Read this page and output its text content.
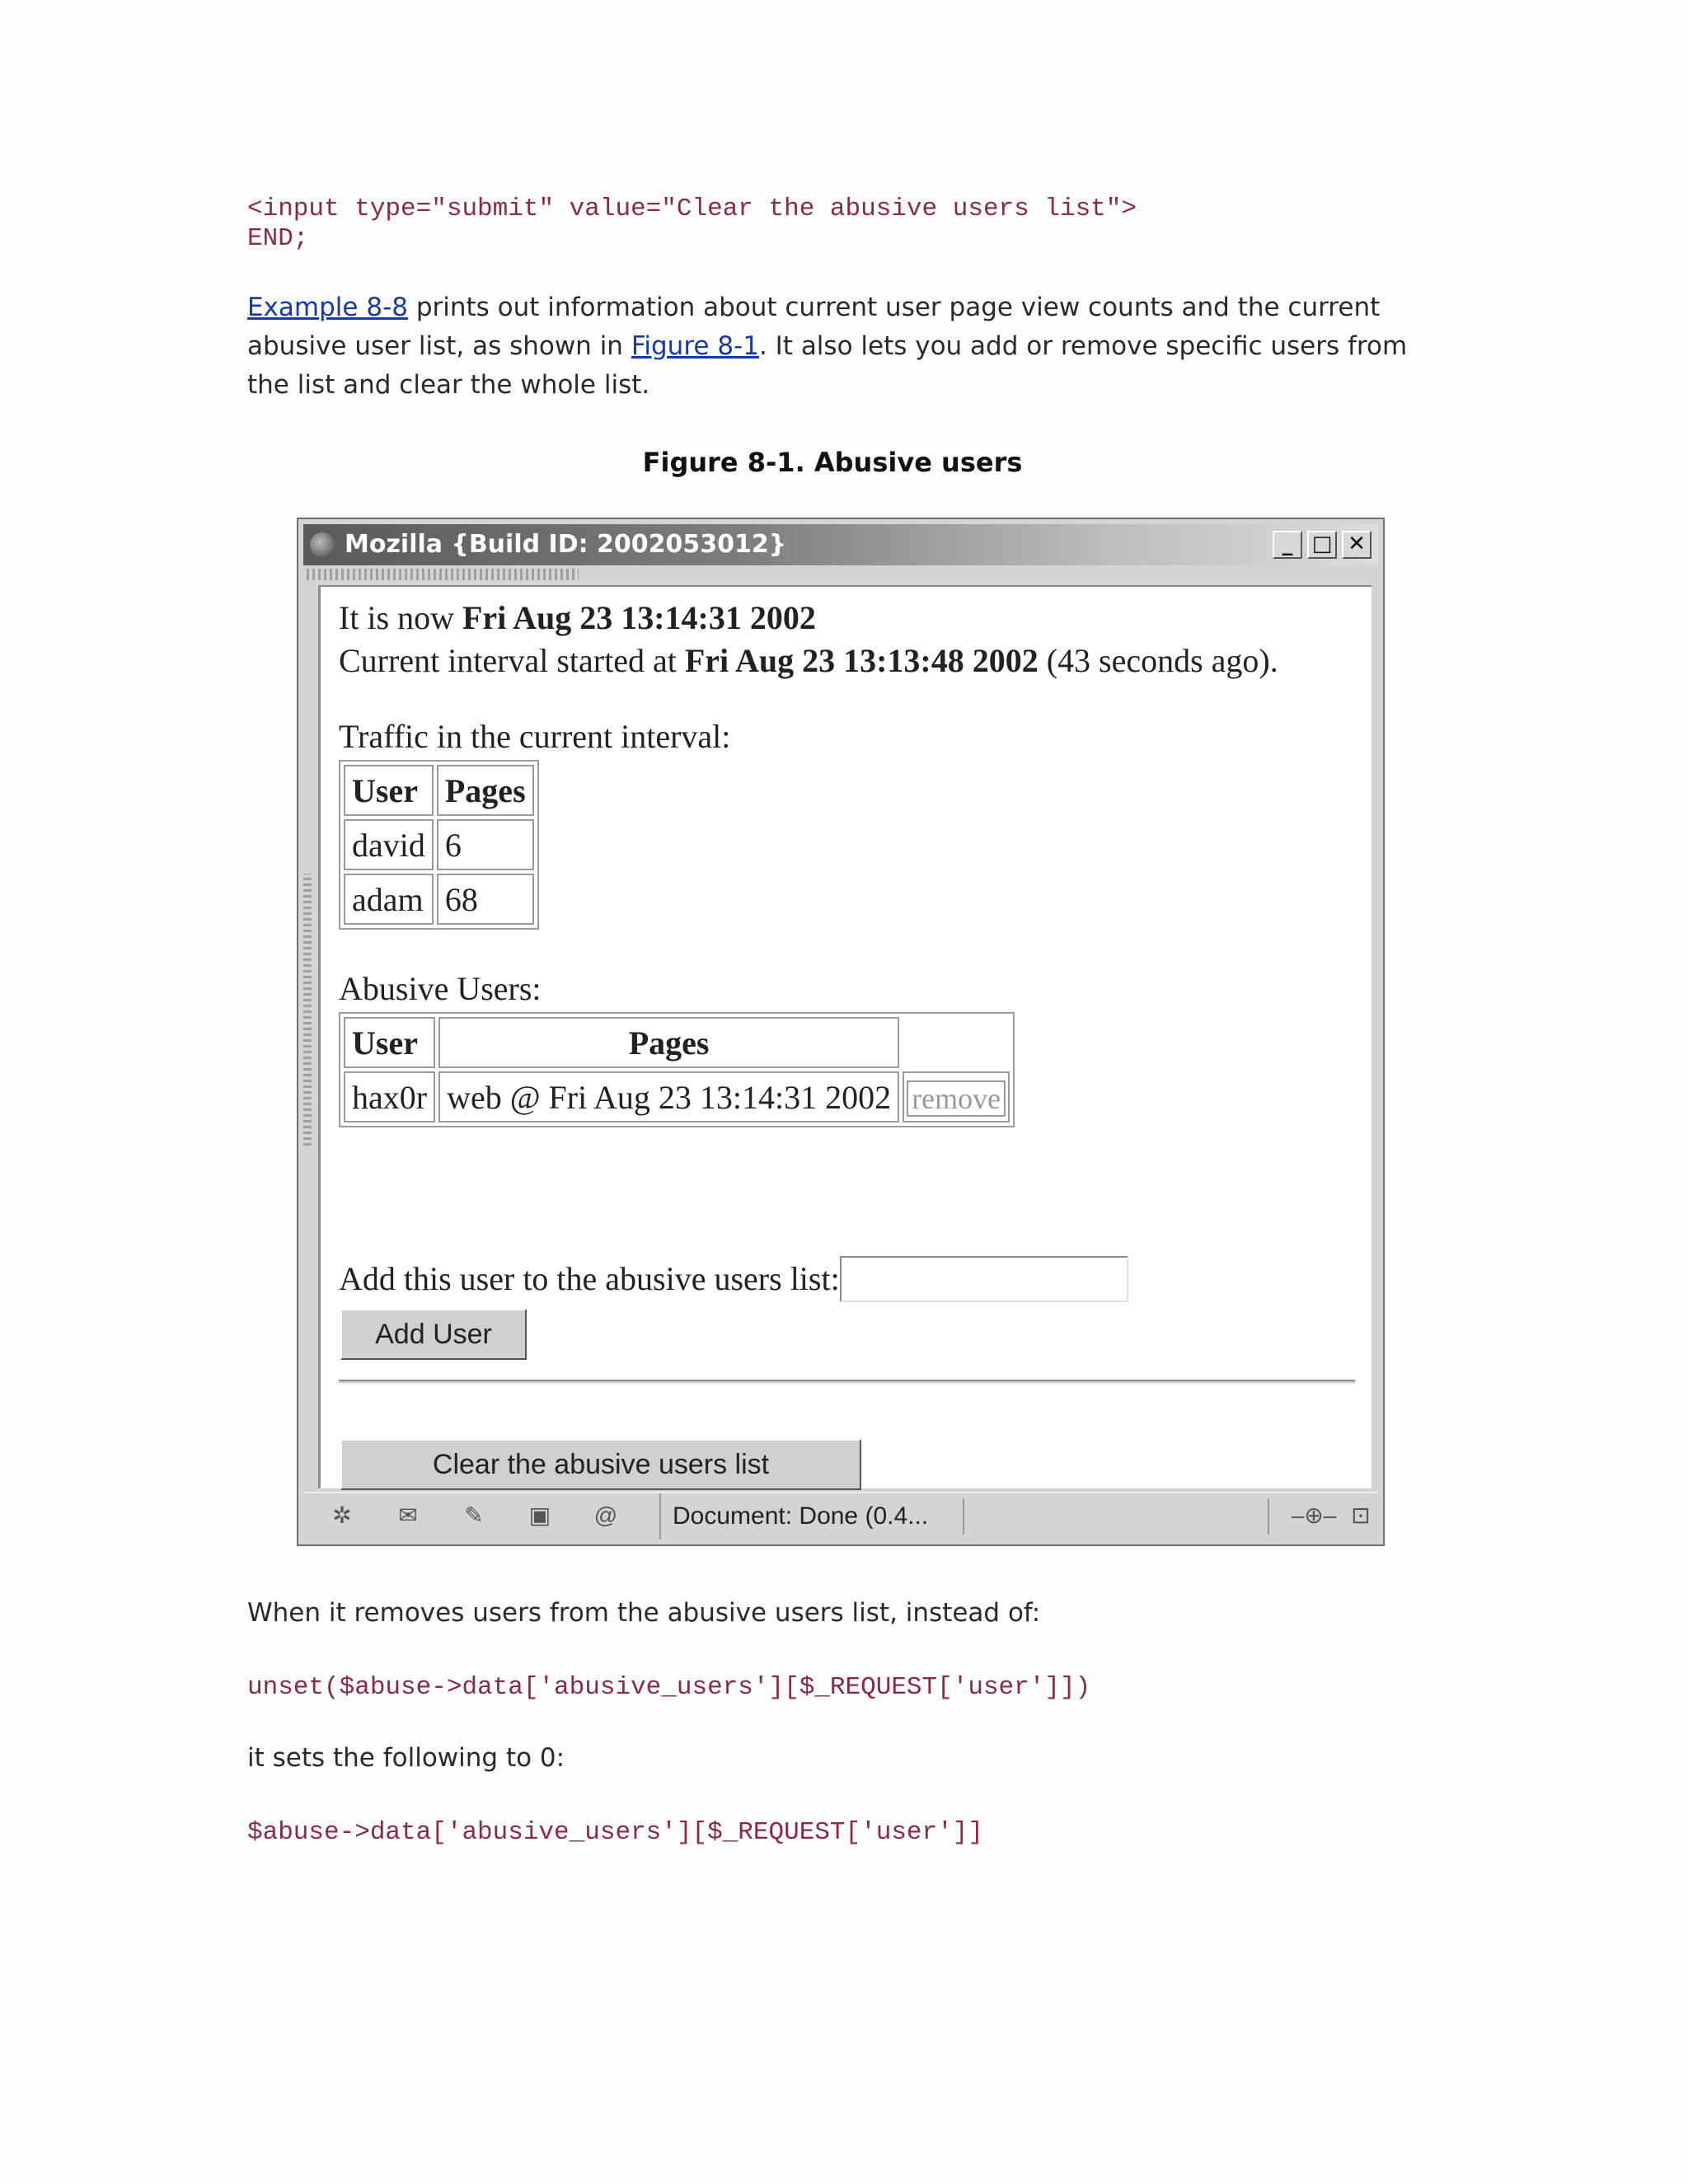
<input type="submit" value="Clear the abusive users list">
END;

Example 8-8 prints out information about current user page view counts and the current abusive user list, as shown in Figure 8-1. It also lets you add or remove specific users from the list and clear the whole list.

Figure 8-1. Abusive users

Mozilla {Build ID: 2002053012}	_ □ ✕
It is now Fri Aug 23 13:14:31 2002
Current interval started at Fri Aug 23 13:13:48 2002 (43 seconds ago).
Traffic in the current interval:
User	Pages
david	6
adam	68
Abusive Users:
User	Pages	
hax0r	web @ Fri Aug 23 13:14:31 2002	remove
Add this user to the abusive users list:
Add User
Clear the abusive users list
✲ ✉ ✎ ▣ @	Document: Done (0.4...	–⊕– ⊡

When it removes users from the abusive users list, instead of:

unset($abuse->data['abusive_users'][$_REQUEST['user']])

it sets the following to 0:

$abuse->data['abusive_users'][$_REQUEST['user']]
